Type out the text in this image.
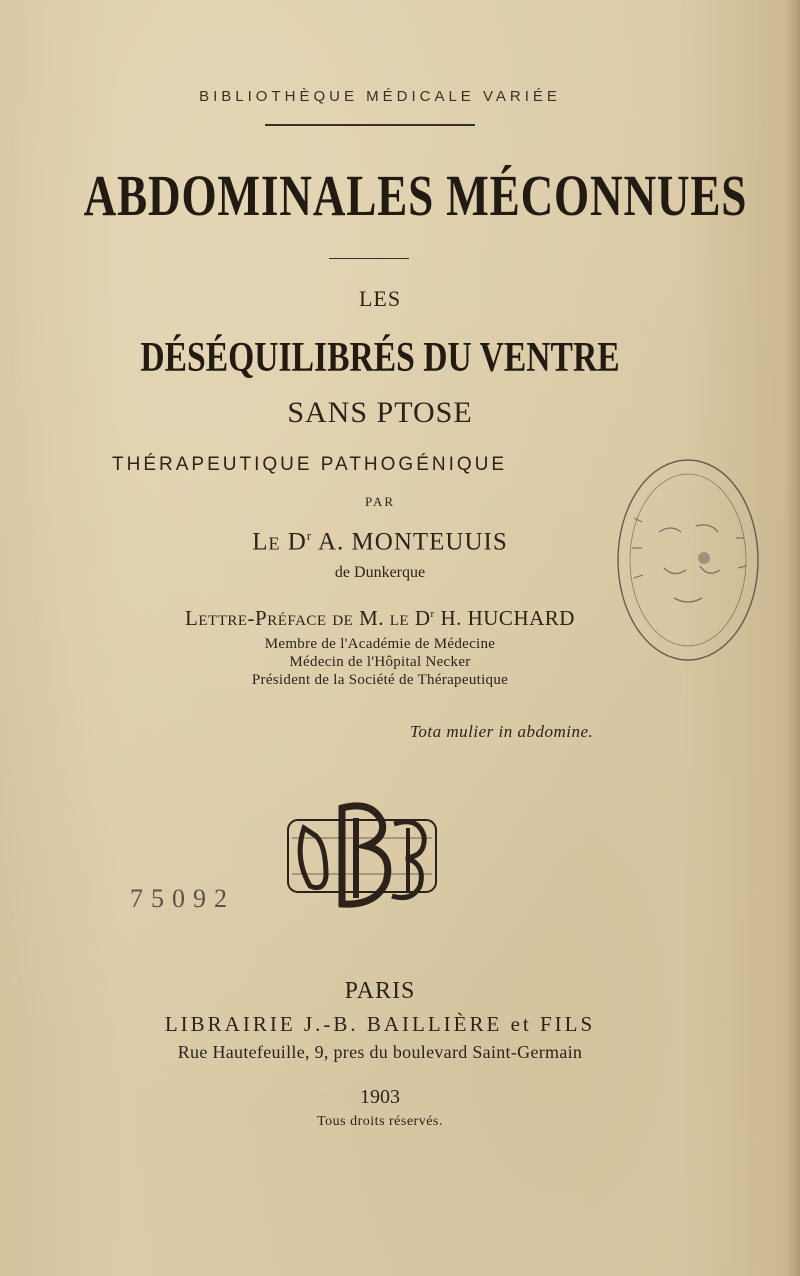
BIBLIOTHÈQUE MÉDICALE VARIÉE
ABDOMINALES MÉCONNUES
LES
DÉSÉQUILIBRÉS DU VENTRE
SANS PTOSE
THÉRAPEUTIQUE PATHOGÉNIQUE
PAR
Le $D^r$ A. MONTEUUIS
de Dunkerque
Lettre-Préface de M. le $D^r$ H. HUCHARD
Membre de l'Académie de Médecine
Médecin de l'Hôpital Necker
Président de la Société de Thérapeutique
Tota mulier in abdomine.
75092
PARIS
LIBRAIRIE J.-B. BAILLIÈRE et FILS
Rue Hautefeuille, 9, pres du boulevard Saint-Germain
1903
Tous droits réservés.
